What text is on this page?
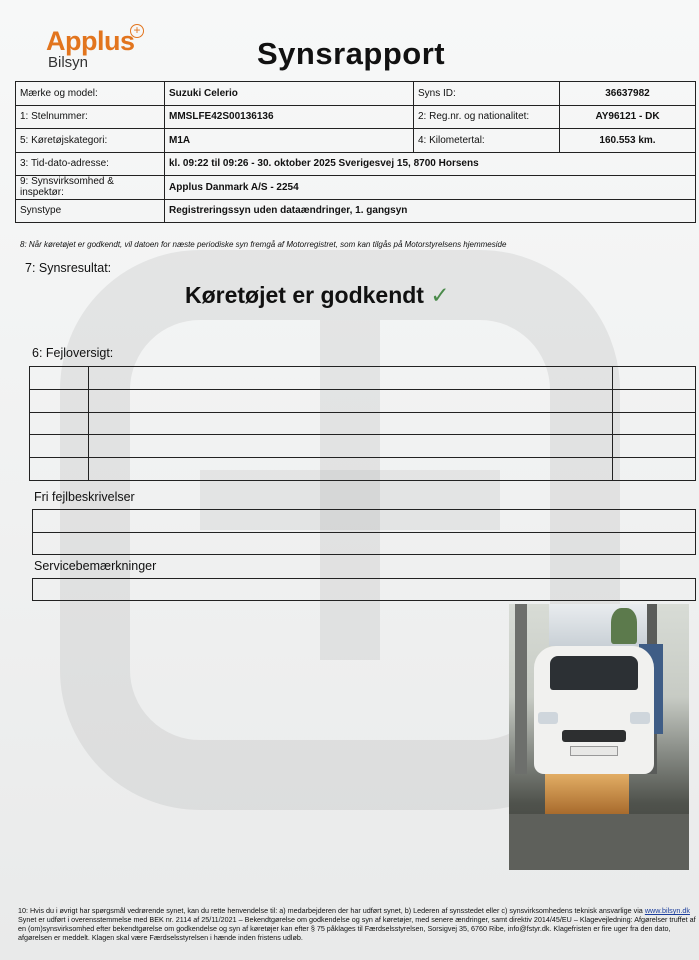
Applus
+
Bilsyn	Synsrapport
Mærke og model:	Suzuki Celerio	Syns ID:	36637982
1: Stelnummer:	MMSLFE42S00136136	2: Reg.nr. og nationalitet:	AY96121 - DK
5: Køretøjskategori:	M1A	4: Kilometertal:	160.553 km.
3: Tid-dato-adresse:	kl. 09:22 til 09:26 - 30. oktober 2025 Sverigesvej 15, 8700 Horsens		
9: Synsvirksomhed & inspektør:	Applus Danmark A/S - 2254		
Synstype	Registreringssyn uden dataændringer, 1. gangsyn		
8: Når køretøjet er godkendt, vil datoen for næste periodiske syn fremgå af Motorregistret, som kan tilgås på Motorstyrelsens hjemmeside
7: Synsresultat:
Køretøjet er godkendt ✓
6: Fejloversigt:

Fri fejlbeskrivelser
Servicebemærkninger
10: Hvis du i øvrigt har spørgsmål vedrørende synet, kan du rette henvendelse til: a) medarbejderen der har udført synet, b) Lederen af synsstedet eller c) synsvirksomhedens teknisk ansvarlige via www.bilsyn.dk
Synet er udført i overensstemmelse med BEK nr. 2114 af 25/11/2021 – Bekendtgørelse om godkendelse og syn af køretøjer, med senere ændringer, samt direktiv 2014/45/EU – Klagevejledning: Afgørelser truffet af en (om)synsvirksomhed efter bekendtgørelse om godkendelse og syn af køretøjer kan efter § 75 påklages til Færdselsstyrelsen, Sorsigvej 35, 6760 Ribe, info@fstyr.dk. Klagefristen er fire uger fra den dato, afgørelsen er meddelt. Klagen skal være Færdselsstyrelsen i hænde inden fristens udløb.
